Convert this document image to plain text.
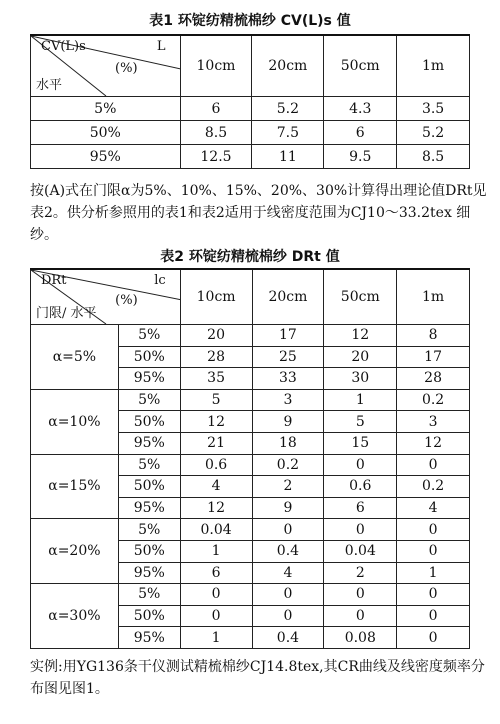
表1 环锭纺精梳棉纱 CV(L)s 值
CV(L)s L
(%)
水平	10cm	20cm	50cm	1m
5%	6	5.2	4.3	3.5
50%	8.5	7.5	6	5.2
95%	12.5	11	9.5	8.5
按(A)式在门限α为5%、10%、15%、20%、30%计算得出理论值DRt见表2。供分析参照用的表1和表2适用于线密度范围为CJ10～33.2tex 细纱。
表2 环锭纺精梳棉纱 DRt 值
DRt lc
(%)
门限/ 水平		10cm	20cm	50cm	1m
α=5%	5%	20	17	12	8
	50%	28	25	20	17
	95%	35	33	30	28
α=10%	5%	5	3	1	0.2
	50%	12	9	5	3
	95%	21	18	15	12
α=15%	5%	0.6	0.2	0	0
	50%	4	2	0.6	0.2
	95%	12	9	6	4
α=20%	5%	0.04	0	0	0
	50%	1	0.4	0.04	0
	95%	6	4	2	1
α=30%	5%	0	0	0	0
	50%	0	0	0	0
	95%	1	0.4	0.08	0
实例:用YG136条干仪测试精梳棉纱CJ14.8tex,其CR曲线及线密度频率分布图见图1。
